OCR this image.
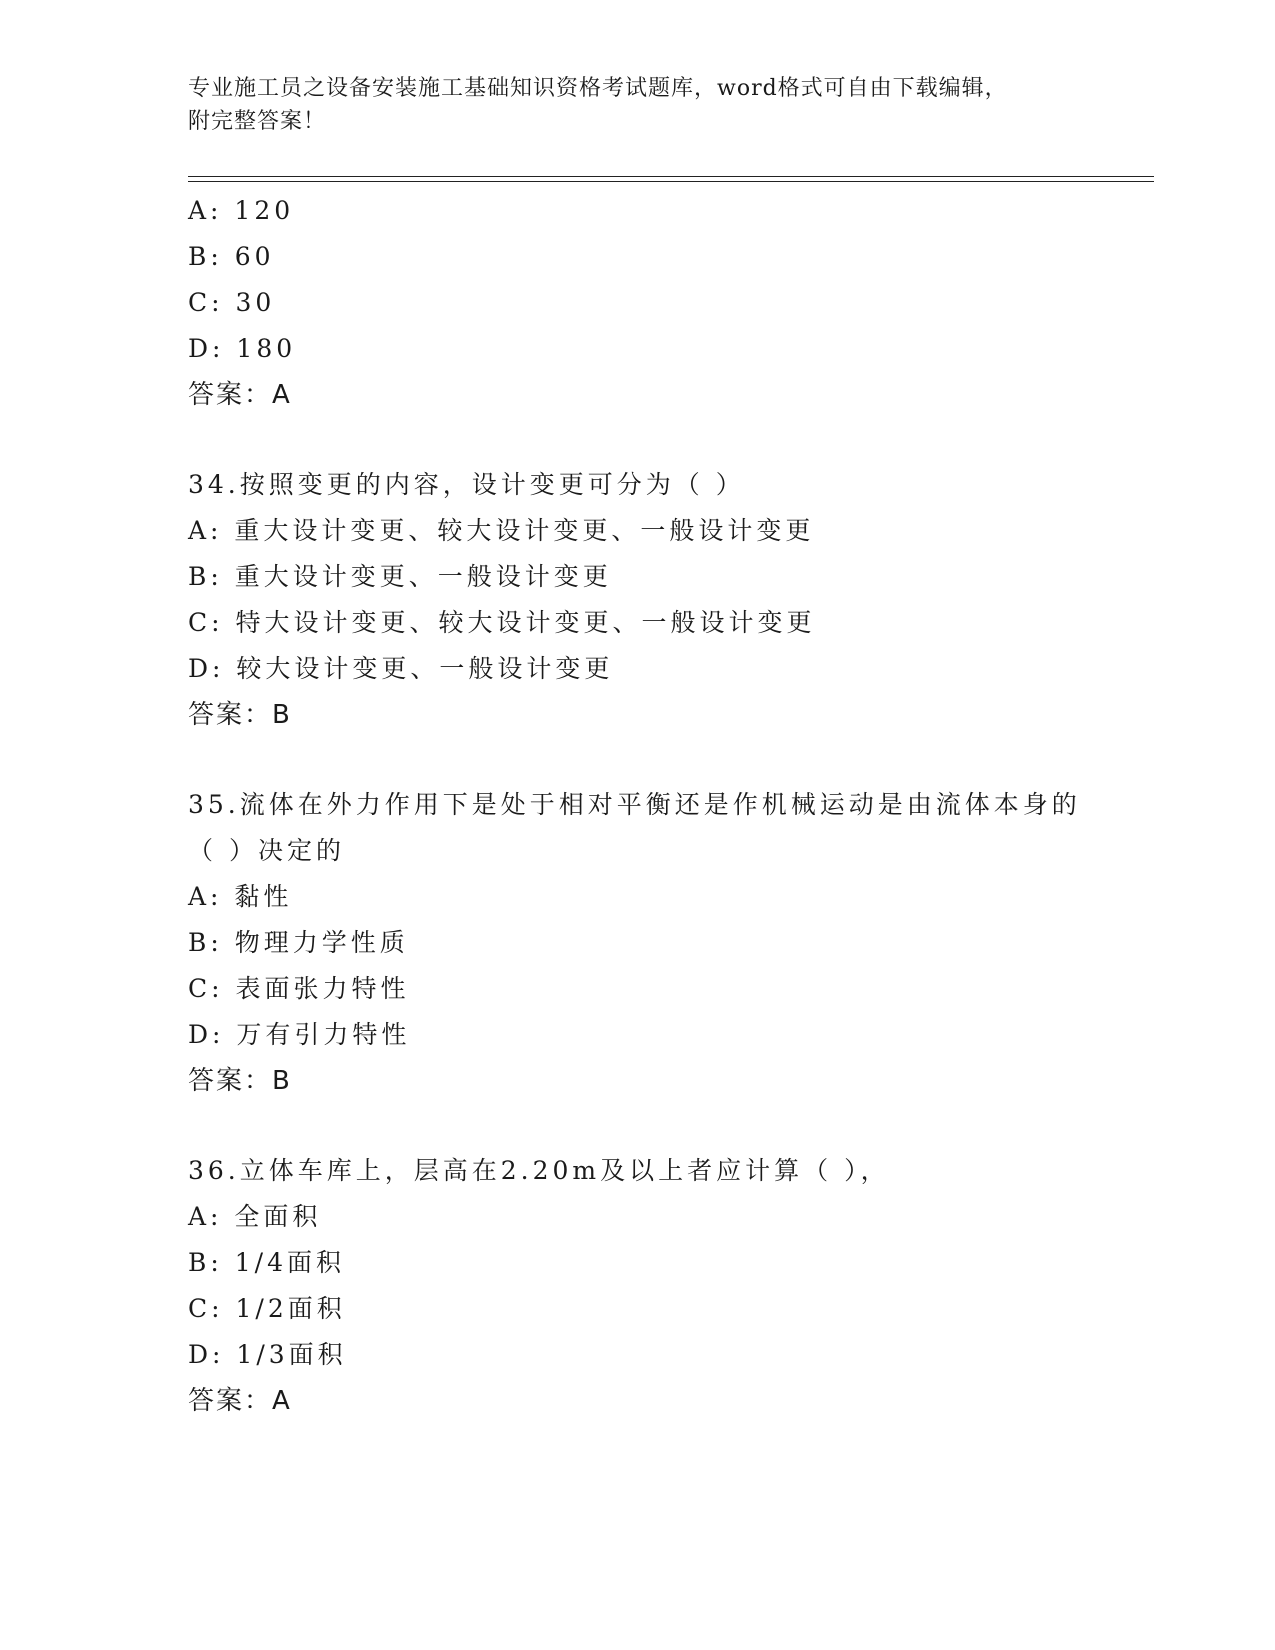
专业施工员之设备安装施工基础知识资格考试题库，word格式可自由下载编辑，
附完整答案！
A: 120
B: 60
C: 30
D: 180
答案：A
34.按照变更的内容，设计变更可分为（ ）
A: 重大设计变更、较大设计变更、一般设计变更
B: 重大设计变更、一般设计变更
C: 特大设计变更、较大设计变更、一般设计变更
D: 较大设计变更、一般设计变更
答案：B
35.流体在外力作用下是处于相对平衡还是作机械运动是由流体本身的
（ ）决定的
A: 黏性
B: 物理力学性质
C: 表面张力特性
D: 万有引力特性
答案：B
36.立体车库上，层高在2.20m及以上者应计算（ ），
A: 全面积
B: 1/4面积
C: 1/2面积
D: 1/3面积
答案：A
